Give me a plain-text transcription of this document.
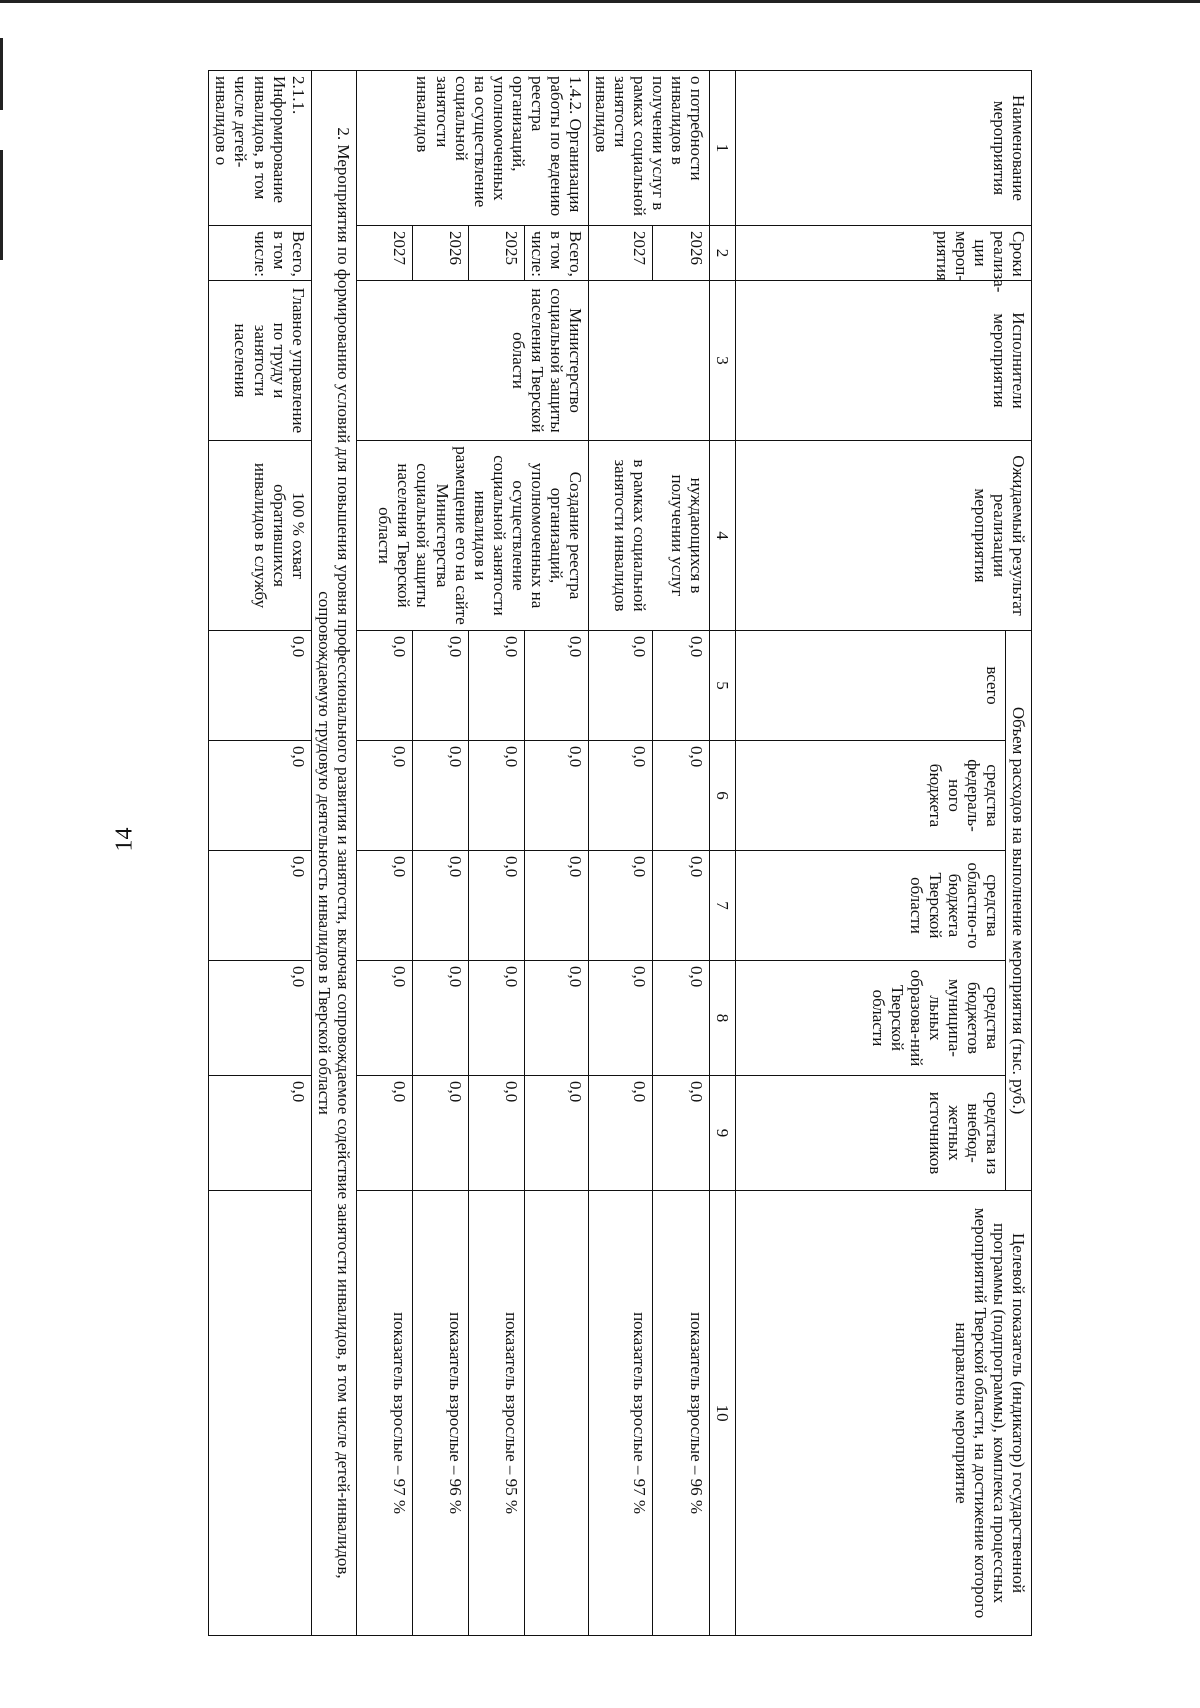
14
Наименование мероприятия	Сроки реализа-ции мероп-риятия	Исполнители мероприятия	Ожидаемый результат реализации мероприятия	Объем расходов на выполнение мероприятия (тыс. руб.)					Целевой показатель (индикатор) государственной программы (подпрограммы), комплекса процессных мероприятий Тверской области, на достижение которого направлено мероприятие
				всего	средства федераль-ного бюджета	средства областно-го бюджета Тверской области	средства бюджетов муниципа-льных образова-ний Тверской области	средства из внебюд-жетных источников	
1	2	3	4	5	6	7	8	9	10
о потребности инвалидов в получении услуг в рамках социальной занятости инвалидов	2026		нуждающихся в получении услуг	0,0	0,0	0,0	0,0	0,0	показатель взрослые – 96 %
	2027		в рамках социальной занятости инвалидов	0,0	0,0	0,0	0,0	0,0	показатель взрослые – 97 %
1.4.2. Организация работы по ведению реестра организаций, уполномоченных на осуществление социальной занятости инвалидов	Всего, в том числе:	Министерство социальной защиты населения Тверской области	Создание реестра организаций, уполномоченных на осуществление социальной занятости инвалидов и размещение его на сайте Министерства социальной защиты населения Тверской области	0,0	0,0	0,0	0,0	0,0	
	2025			0,0	0,0	0,0	0,0	0,0	показатель взрослые – 95 %
	2026			0,0	0,0	0,0	0,0	0,0	показатель взрослые – 96 %
	2027			0,0	0,0	0,0	0,0	0,0	показатель взрослые – 97 %
2. Мероприятия по формированию условий для повышения уровня профессионального развития и занятости, включая сопровождаемое содействие занятости инвалидов, в том числе детей-инвалидов, сопровождаемую трудовую деятельность инвалидов в Тверской области									
2.1.1. Информирование инвалидов, в том числе детей-инвалидов о	Всего, в том числе:	Главное управление по труду и занятости населения	100 % охват обратившихся инвалидов в службу	0,0	0,0	0,0	0,0	0,0	
